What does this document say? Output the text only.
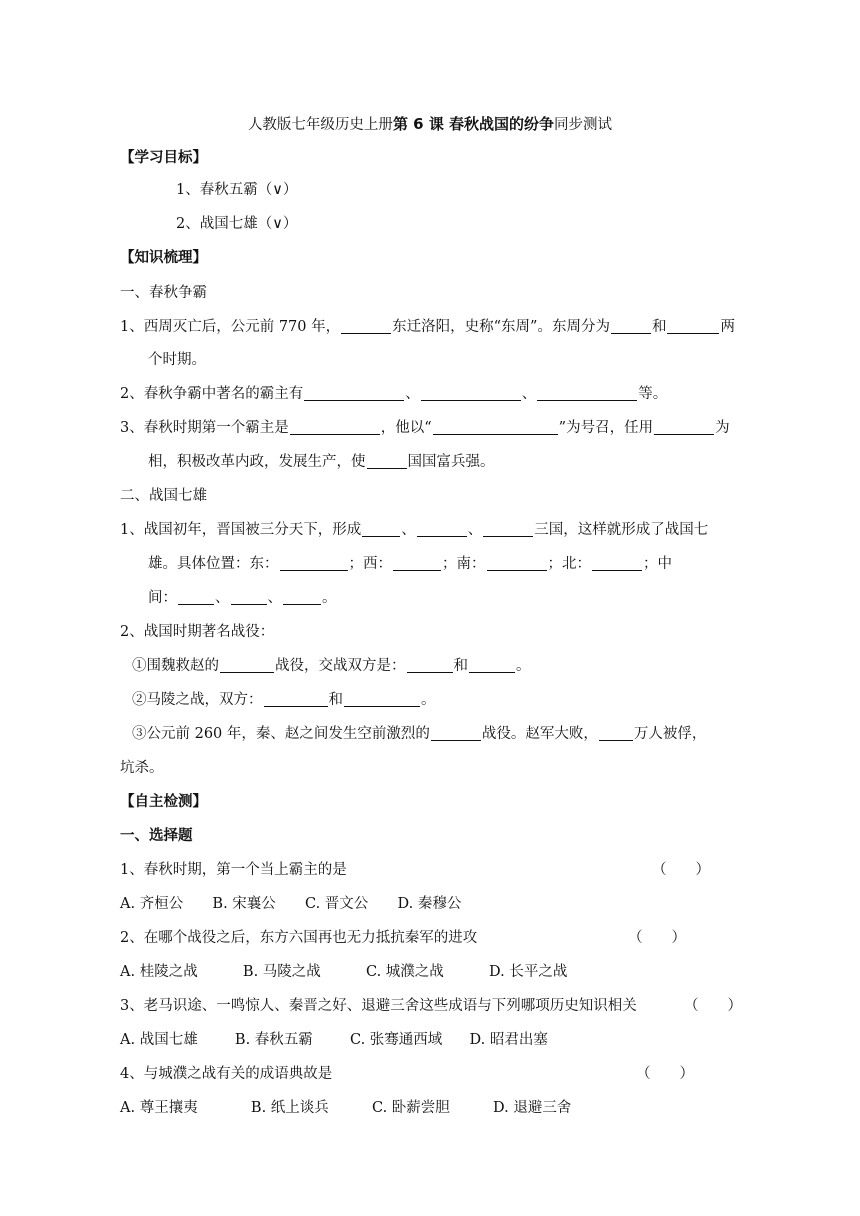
人教版七年级历史上册第 6 课 春秋战国的纷争同步测试
【学习目标】
1、春秋五霸（∨）
2、战国七雄（∨）
【知识梳理】
一、春秋争霸
1、西周灭亡后，公元前 770 年，	东迁洛阳，史称“东周”。东周分为	和	两
个时期。
2、春秋争霸中著名的霸主有	、	、	等。
3、春秋时期第一个霸主是	，他以“	”为号召，任用	为
相，积极改革内政，发展生产，使	国国富兵强。
二、战国七雄
1、战国初年，晋国被三分天下，形成	、	、	三国，这样就形成了战国七
雄。具体位置：东：	；西：	；南：	；北：	；中
间：	、	、	。
2、战国时期著名战役：
①围魏救赵的	战役，交战双方是：	和	。
②马陵之战，双方：	和	。
③公元前 260 年，秦、赵之间发生空前激烈的	战役。赵军大败， 万人被俘，
坑杀。
【自主检测】
一、选择题
1、春秋时期，第一个当上霸主的是	（　　）
A. 齐桓公 B. 宋襄公 C. 晋文公 D. 秦穆公
2、在哪个战役之后，东方六国再也无力抵抗秦军的进攻	（　　）
A. 桂陵之战	B. 马陵之战	C. 城濮之战	D. 长平之战
3、老马识途、一鸣惊人、秦晋之好、退避三舍这些成语与下列哪项历史知识相关	（　　）
A. 战国七雄	B. 春秋五霸	C. 张骞通西域 D. 昭君出塞
4、与城濮之战有关的成语典故是	（　　）
A. 尊王攘夷	B. 纸上谈兵	C. 卧薪尝胆	D. 退避三舍
